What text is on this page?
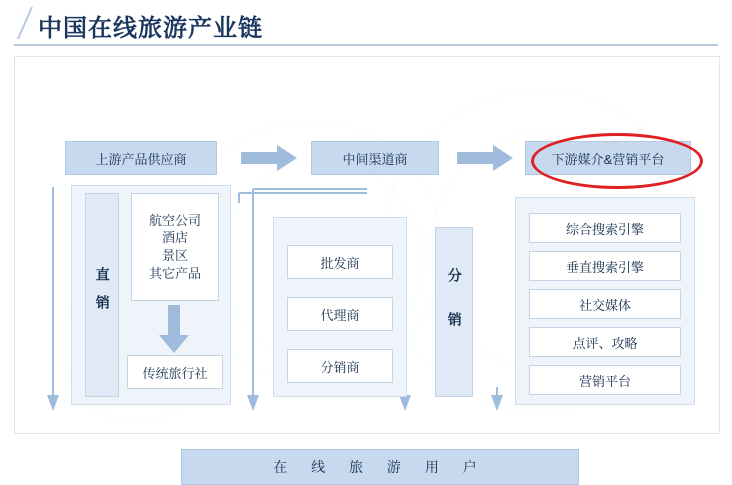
中国在线旅游产业链
上游产品供应商	中间渠道商	下游媒介&营销平台
直销
航空公司
酒店
景区
其它产品
传统旅行社
批发商
代理商
分销商
分销
综合搜索引擎
垂直搜索引擎
社交媒体
点评、攻略
营销平台
在 线 旅 游 用 户
